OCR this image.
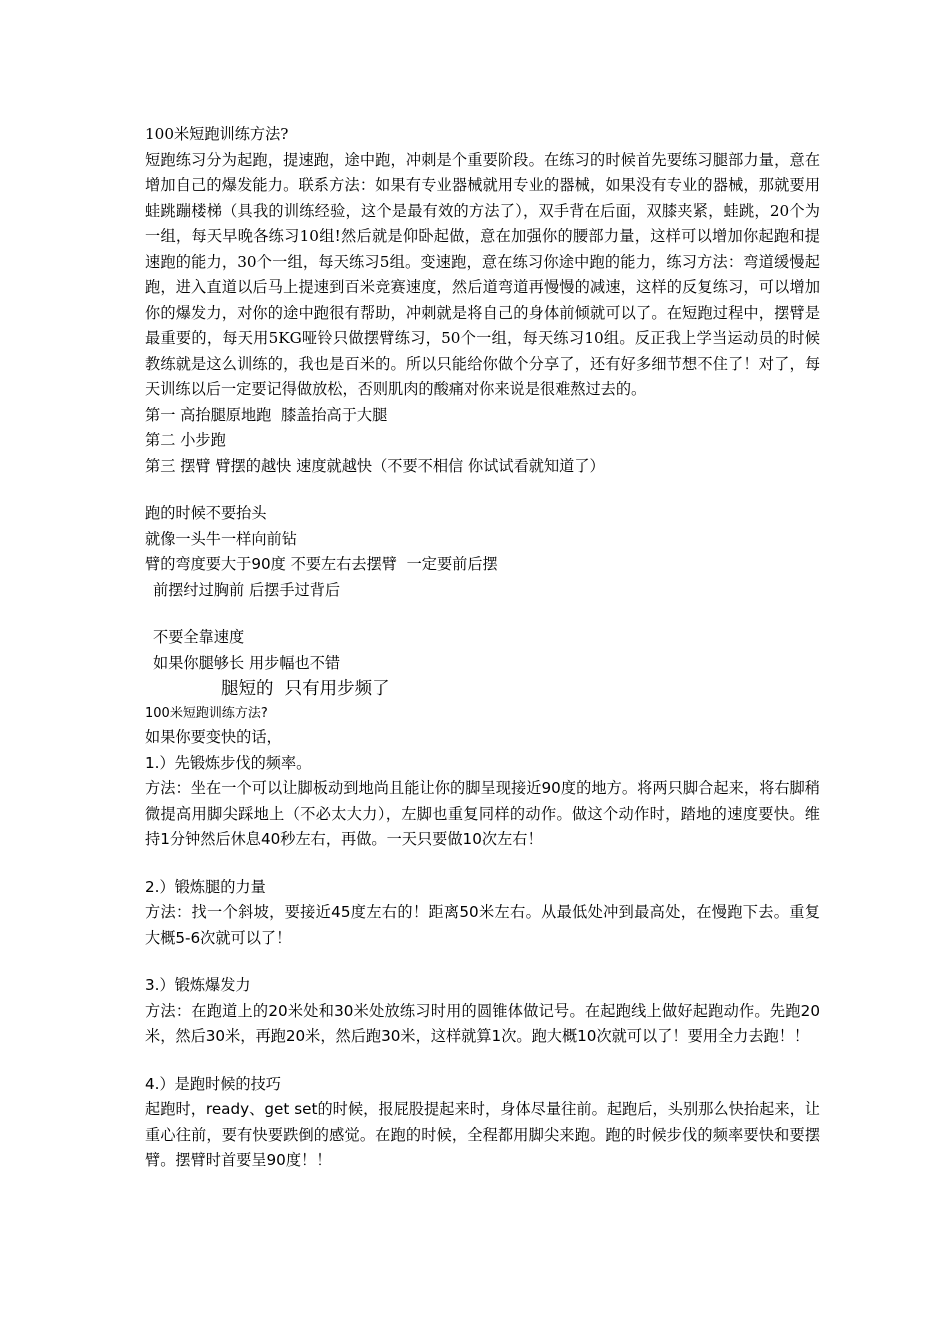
100米短跑训练方法?

短跑练习分为起跑，提速跑，途中跑，冲刺是个重要阶段。在练习的时候首先要练习腿部力量，意在增加自己的爆发能力。联系方法：如果有专业器械就用专业的器械，如果没有专业的器械，那就要用蛙跳蹦楼梯（具我的训练经验，这个是最有效的方法了），双手背在后面，双膝夹紧，蛙跳，20个为一组，每天早晚各练习10组!然后就是仰卧起做，意在加强你的腰部力量，这样可以增加你起跑和提速跑的能力，30个一组，每天练习5组。变速跑，意在练习你途中跑的能力，练习方法：弯道缓慢起跑，进入直道以后马上提速到百米竞赛速度，然后道弯道再慢慢的减速，这样的反复练习，可以增加你的爆发力，对你的途中跑很有帮助，冲刺就是将自己的身体前倾就可以了。在短跑过程中，摆臂是最重要的，每天用5KG哑铃只做摆臂练习，50个一组，每天练习10组。反正我上学当运动员的时候教练就是这么训练的，我也是百米的。所以只能给你做个分享了，还有好多细节想不住了！对了，每天训练以后一定要记得做放松，否则肌肉的酸痛对你来说是很难熬过去的。

第一 高抬腿原地跑  膝盖抬高于大腿

第二 小步跑

第三 摆臂 臂摆的越快 速度就越快（不要不相信 你试试看就知道了）

跑的时候不要抬头

就像一头牛一样向前钻

臂的弯度要大于90度 不要左右去摆臂  一定要前后摆

前摆纣过胸前 后摆手过背后

不要全靠速度

如果你腿够长 用步幅也不错

腿短的  只有用步频了

100米短跑训练方法?

如果你要变快的话，

1.）先锻炼步伐的频率。

方法：坐在一个可以让脚板动到地尚且能让你的脚呈现接近90度的地方。将两只脚合起来，将右脚稍微提高用脚尖踩地上（不必太大力），左脚也重复同样的动作。做这个动作时，踏地的速度要快。维持1分钟然后休息40秒左右，再做。一天只要做10次左右！

2.）锻炼腿的力量

方法：找一个斜坡，要接近45度左右的！距离50米左右。从最低处冲到最高处，在慢跑下去。重复大概5-6次就可以了！

3.）锻炼爆发力

方法：在跑道上的20米处和30米处放练习时用的圆锥体做记号。在起跑线上做好起跑动作。先跑20米，然后30米，再跑20米，然后跑30米，这样就算1次。跑大概10次就可以了！要用全力去跑！！

4.）是跑时候的技巧

起跑时，ready、get set的时候，报屁股提起来时，身体尽量往前。起跑后，头别那么快抬起来，让重心往前，要有快要跌倒的感觉。在跑的时候，全程都用脚尖来跑。跑的时候步伐的频率要快和要摆臂。摆臂时首要呈90度！！
